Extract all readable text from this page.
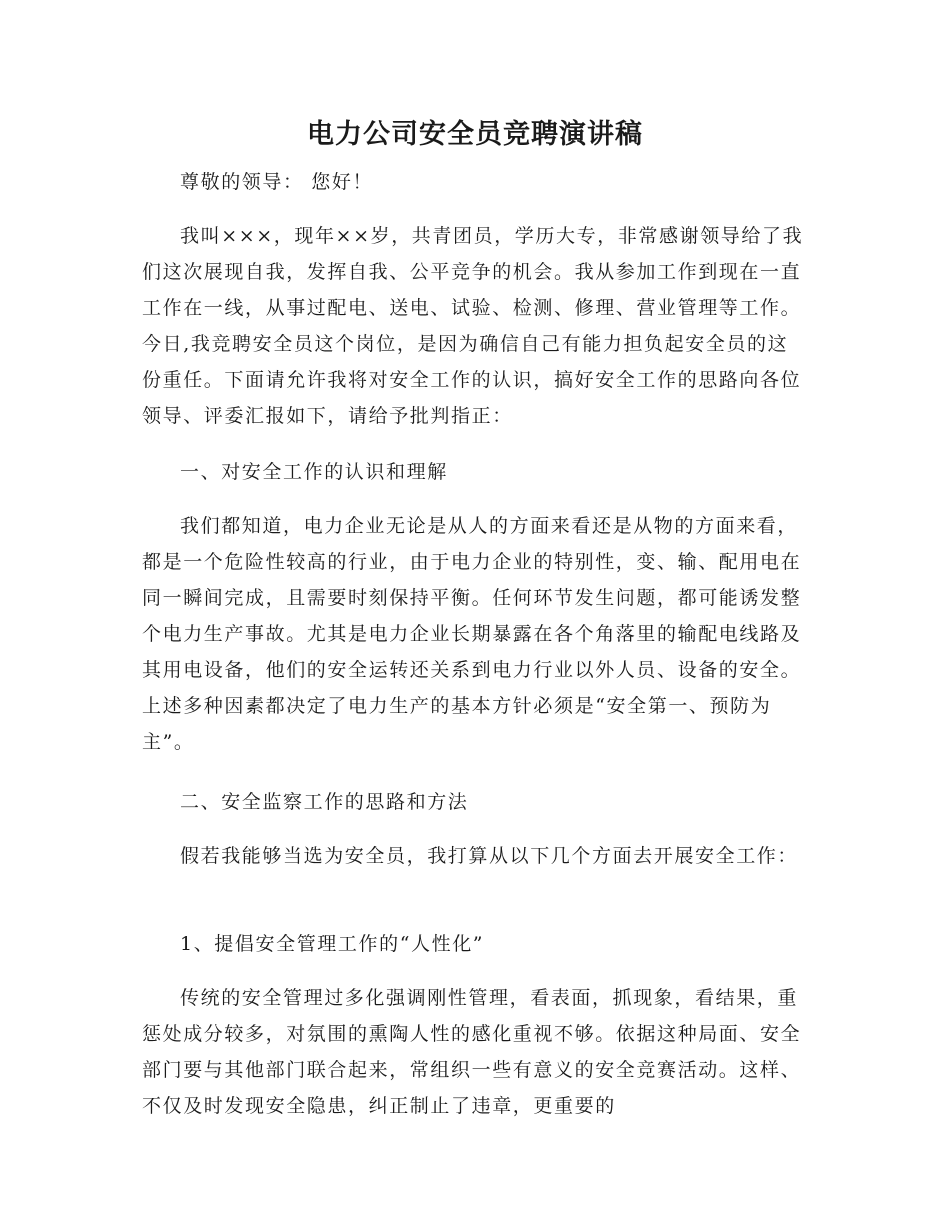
电力公司安全员竞聘演讲稿

尊敬的领导： 您好！

我叫×××，现年××岁，共青团员，学历大专，非常感谢领导给了我们这次展现自我，发挥自我、公平竞争的机会。我从参加工作到现在一直工作在一线，从事过配电、送电、试验、检测、修理、营业管理等工作。今日,我竞聘安全员这个岗位，是因为确信自己有能力担负起安全员的这份重任。下面请允许我将对安全工作的认识，搞好安全工作的思路向各位领导、评委汇报如下，请给予批判指正：

一、对安全工作的认识和理解

我们都知道，电力企业无论是从人的方面来看还是从物的方面来看，都是一个危险性较高的行业，由于电力企业的特别性，变、输、配用电在同一瞬间完成，且需要时刻保持平衡。任何环节发生问题，都可能诱发整个电力生产事故。尤其是电力企业长期暴露在各个角落里的输配电线路及其用电设备，他们的安全运转还关系到电力行业以外人员、设备的安全。上述多种因素都决定了电力生产的基本方针必须是“安全第一、预防为主”。

二、安全监察工作的思路和方法

假若我能够当选为安全员，我打算从以下几个方面去开展安全工作：

1、提倡安全管理工作的“人性化”

传统的安全管理过多化强调刚性管理，看表面，抓现象，看结果，重惩处成分较多，对氛围的熏陶人性的感化重视不够。依据这种局面、安全部门要与其他部门联合起来，常组织一些有意义的安全竞赛活动。这样、不仅及时发现安全隐患，纠正制止了违章，更重要的
